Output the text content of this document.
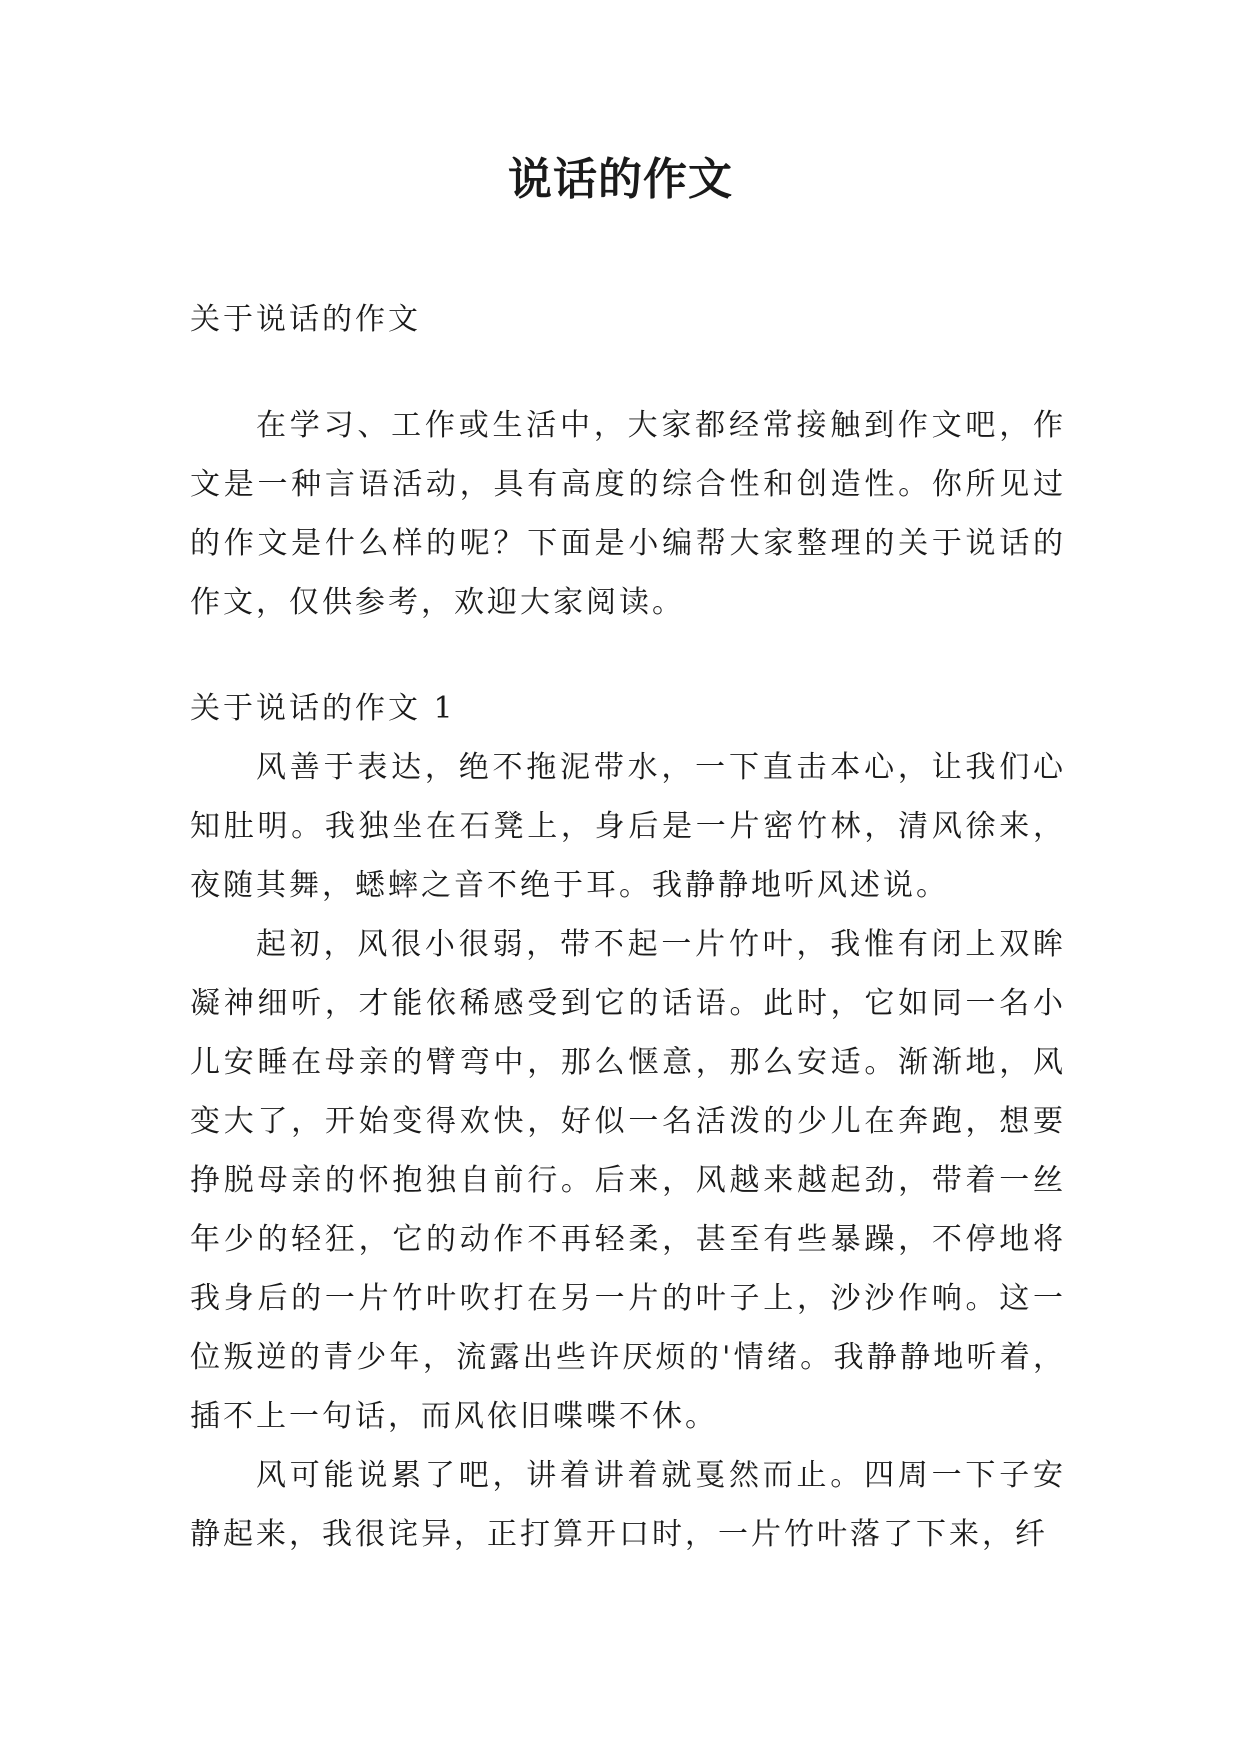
说话的作文

关于说话的作文

在学习、工作或生活中，大家都经常接触到作文吧，作文是一种言语活动，具有高度的综合性和创造性。你所见过的作文是什么样的呢？下面是小编帮大家整理的关于说话的作文，仅供参考，欢迎大家阅读。

关于说话的作文 1

风善于表达，绝不拖泥带水，一下直击本心，让我们心知肚明。我独坐在石凳上，身后是一片密竹林，清风徐来，夜随其舞，蟋蟀之音不绝于耳。我静静地听风述说。

起初，风很小很弱，带不起一片竹叶，我惟有闭上双眸凝神细听，才能依稀感受到它的话语。此时，它如同一名小儿安睡在母亲的臂弯中，那么惬意，那么安适。渐渐地，风变大了，开始变得欢快，好似一名活泼的少儿在奔跑，想要挣脱母亲的怀抱独自前行。后来，风越来越起劲，带着一丝年少的轻狂，它的动作不再轻柔，甚至有些暴躁，不停地将我身后的一片竹叶吹打在另一片的叶子上，沙沙作响。这一位叛逆的青少年，流露出些许厌烦的'情绪。我静静地听着，插不上一句话，而风依旧喋喋不休。

风可能说累了吧，讲着讲着就戛然而止。四周一下子安静起来，我很诧异，正打算开口时，一片竹叶落了下来，纤
